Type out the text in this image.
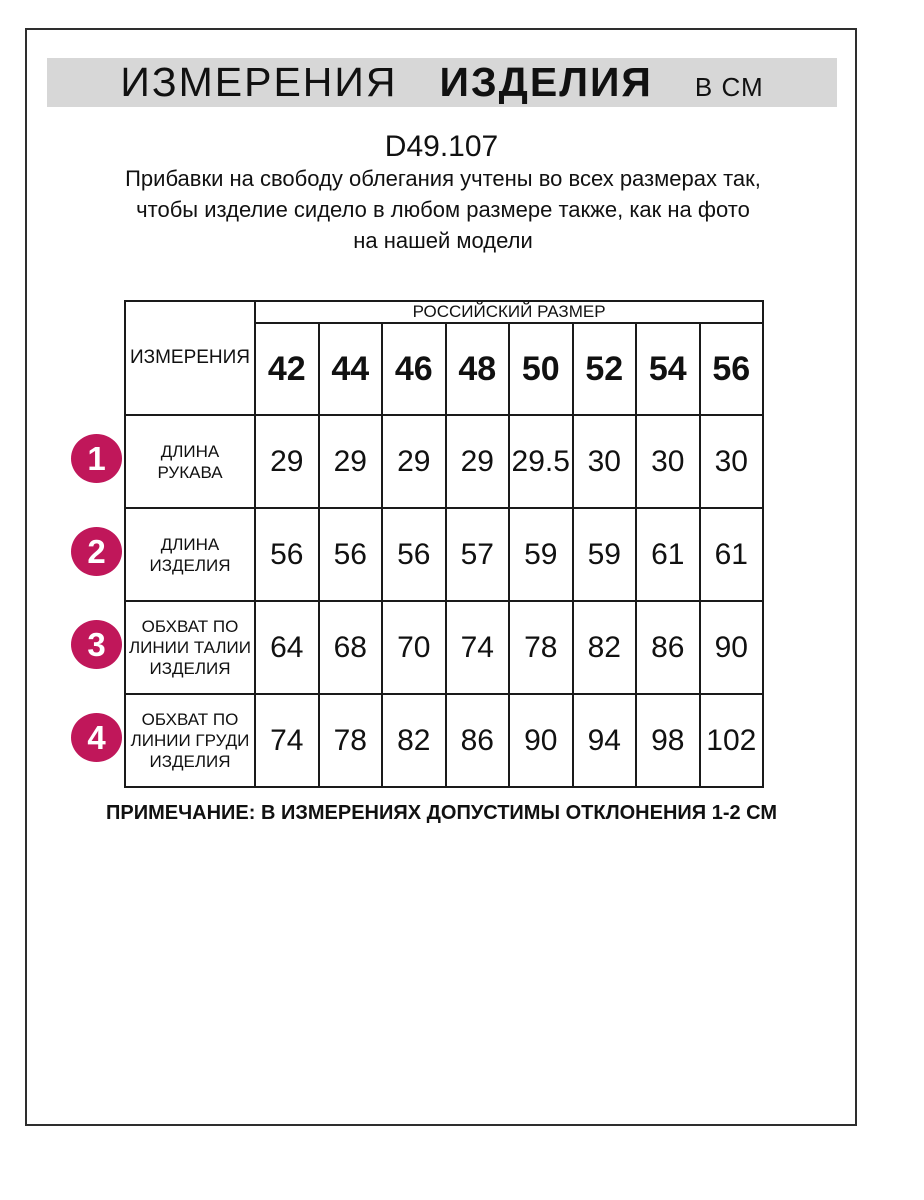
ИЗМЕРЕНИЯ ИЗДЕЛИЯ В СМ
D49.107
Прибавки на свободу облегания учтены во всех размерах так, чтобы изделие сидело в любом размере также, как на фото на нашей модели
ИЗМЕРЕНИЯ	РОССИЙСКИЙ РАЗМЕР							
	42	44	46	48	50	52	54	56
ДЛИНА РУКАВА	29	29	29	29	29.5	30	30	30
ДЛИНА ИЗДЕЛИЯ	56	56	56	57	59	59	61	61
ОБХВАТ ПО ЛИНИИ ТАЛИИ ИЗДЕЛИЯ	64	68	70	74	78	82	86	90
ОБХВАТ ПО ЛИНИИ ГРУДИ ИЗДЕЛИЯ	74	78	82	86	90	94	98	102
1
2
3
4
ПРИМЕЧАНИЕ: В ИЗМЕРЕНИЯХ ДОПУСТИМЫ ОТКЛОНЕНИЯ 1-2 СМ
